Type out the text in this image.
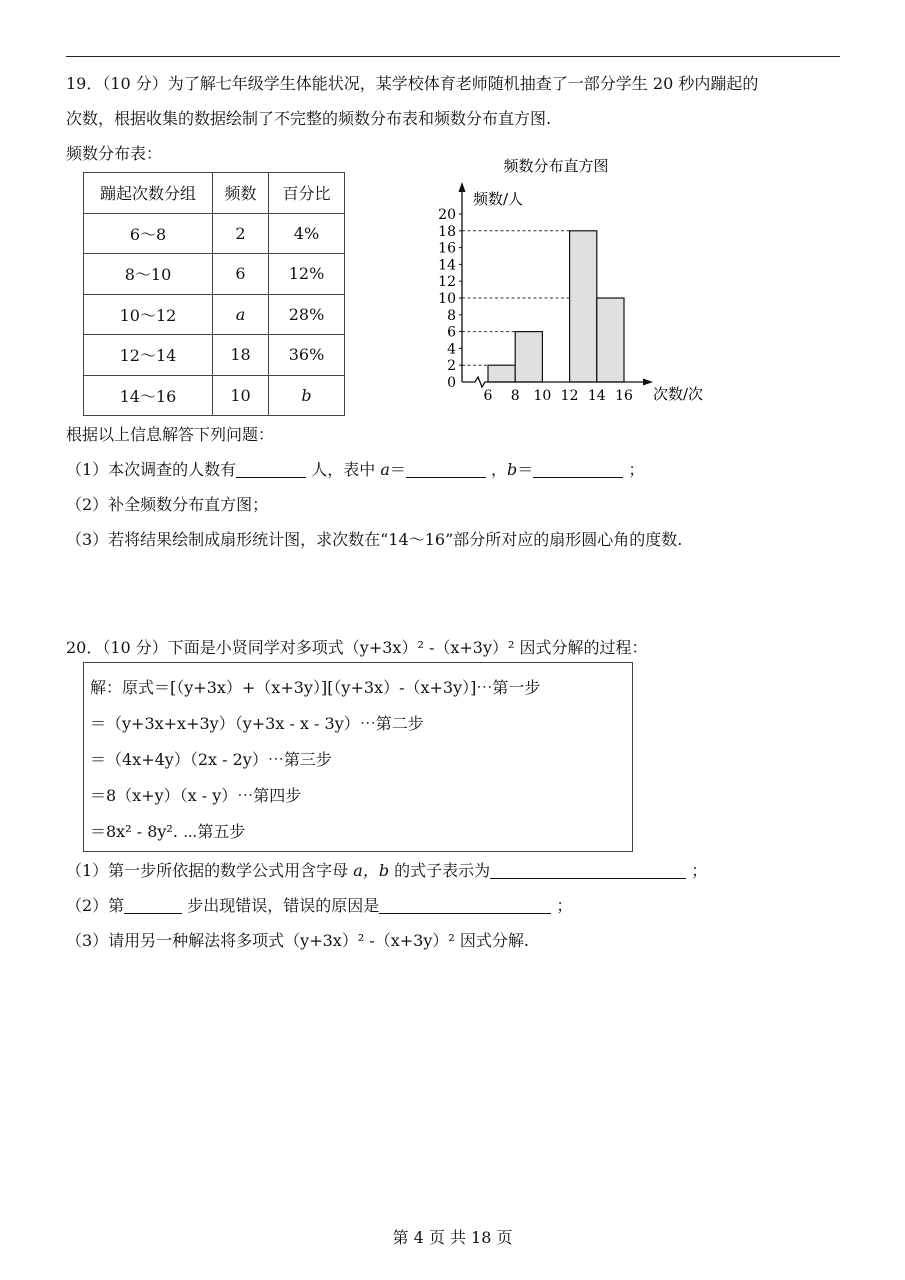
19．（10 分）为了解七年级学生体能状况，某学校体育老师随机抽查了一部分学生 20 秒内蹦起的
次数，根据收集的数据绘制了不完整的频数分布表和频数分布直方图.
频数分布表：
蹦起次数分组	频数	百分比
6～8	2	4%
8～10	6	12%
10～12	a	28%
12～14	18	36%
14～16	10	b
频数分布直方图
0
2
4
6
8
10
12
14
16
18
20
6 8 10 12 14 16
频数/人
次数/次
根据以上信息解答下列问题：
（1）本次调查的人数有	人，表中 a＝	，b＝	；
（2）补全频数分布直方图；
（3）若将结果绘制成扇形统计图，求次数在“14～16”部分所对应的扇形圆心角的度数.
20．（10 分）下面是小贤同学对多项式（y+3x）² -（x+3y）² 因式分解的过程：
解：原式＝[（y+3x）+（x+3y）][（y+3x）-（x+3y）]⋯第一步
＝（y+3x+x+3y）（y+3x - x - 3y）⋯第二步
＝（4x+4y）（2x - 2y）⋯第三步
＝8（x+y）（x - y）⋯第四步
＝8x² - 8y². ⋯第五步
（1）第一步所依据的数学公式用含字母 a，b 的式子表示为	；
（2）第	步出现错误，错误的原因是	；
（3）请用另一种解法将多项式（y+3x）² -（x+3y）² 因式分解.
第 4 页 共 18 页
